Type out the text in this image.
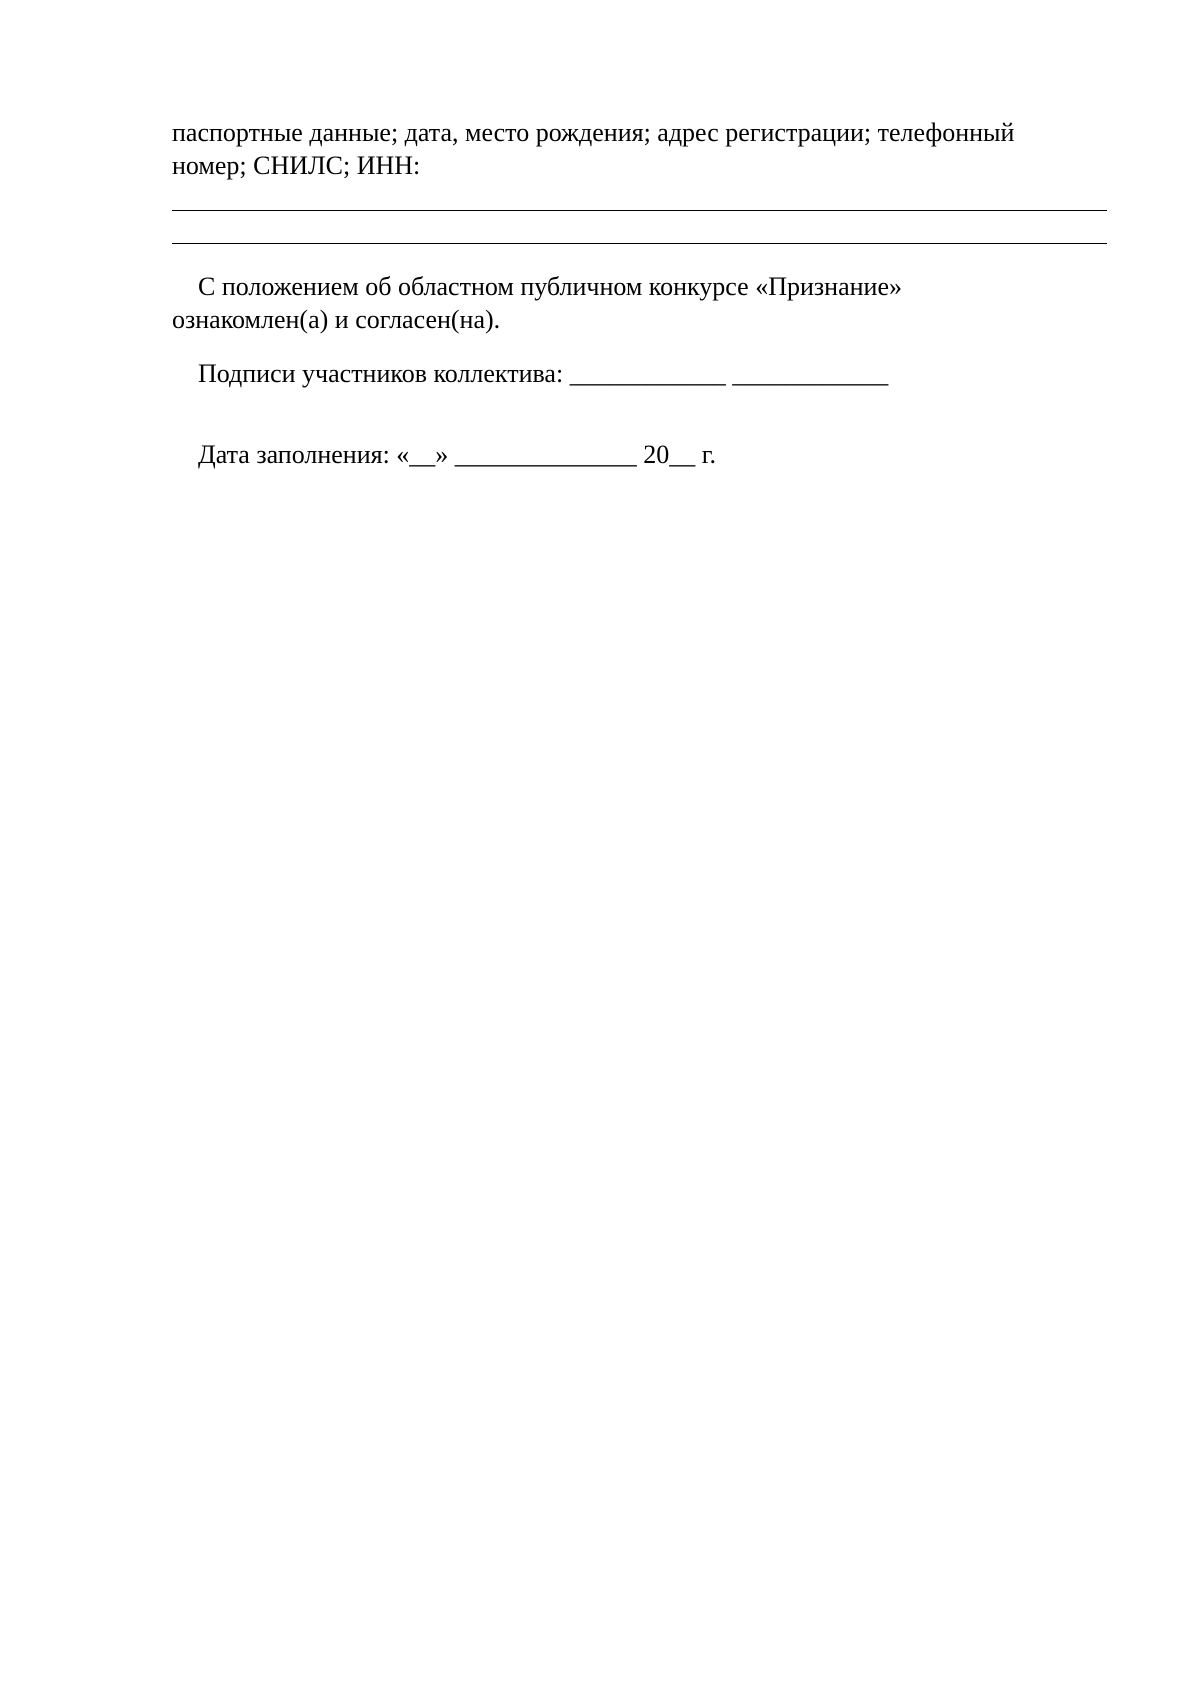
паспортные данные; дата, место рождения; адрес регистрации; телефонный
номер; СНИЛС; ИНН:
С положением об областном публичном конкурсе «Признание»
ознакомлен(а) и согласен(на).
Подписи участников коллектива: ____________ ____________
Дата заполнения: «__» ______________ 20__ г.
